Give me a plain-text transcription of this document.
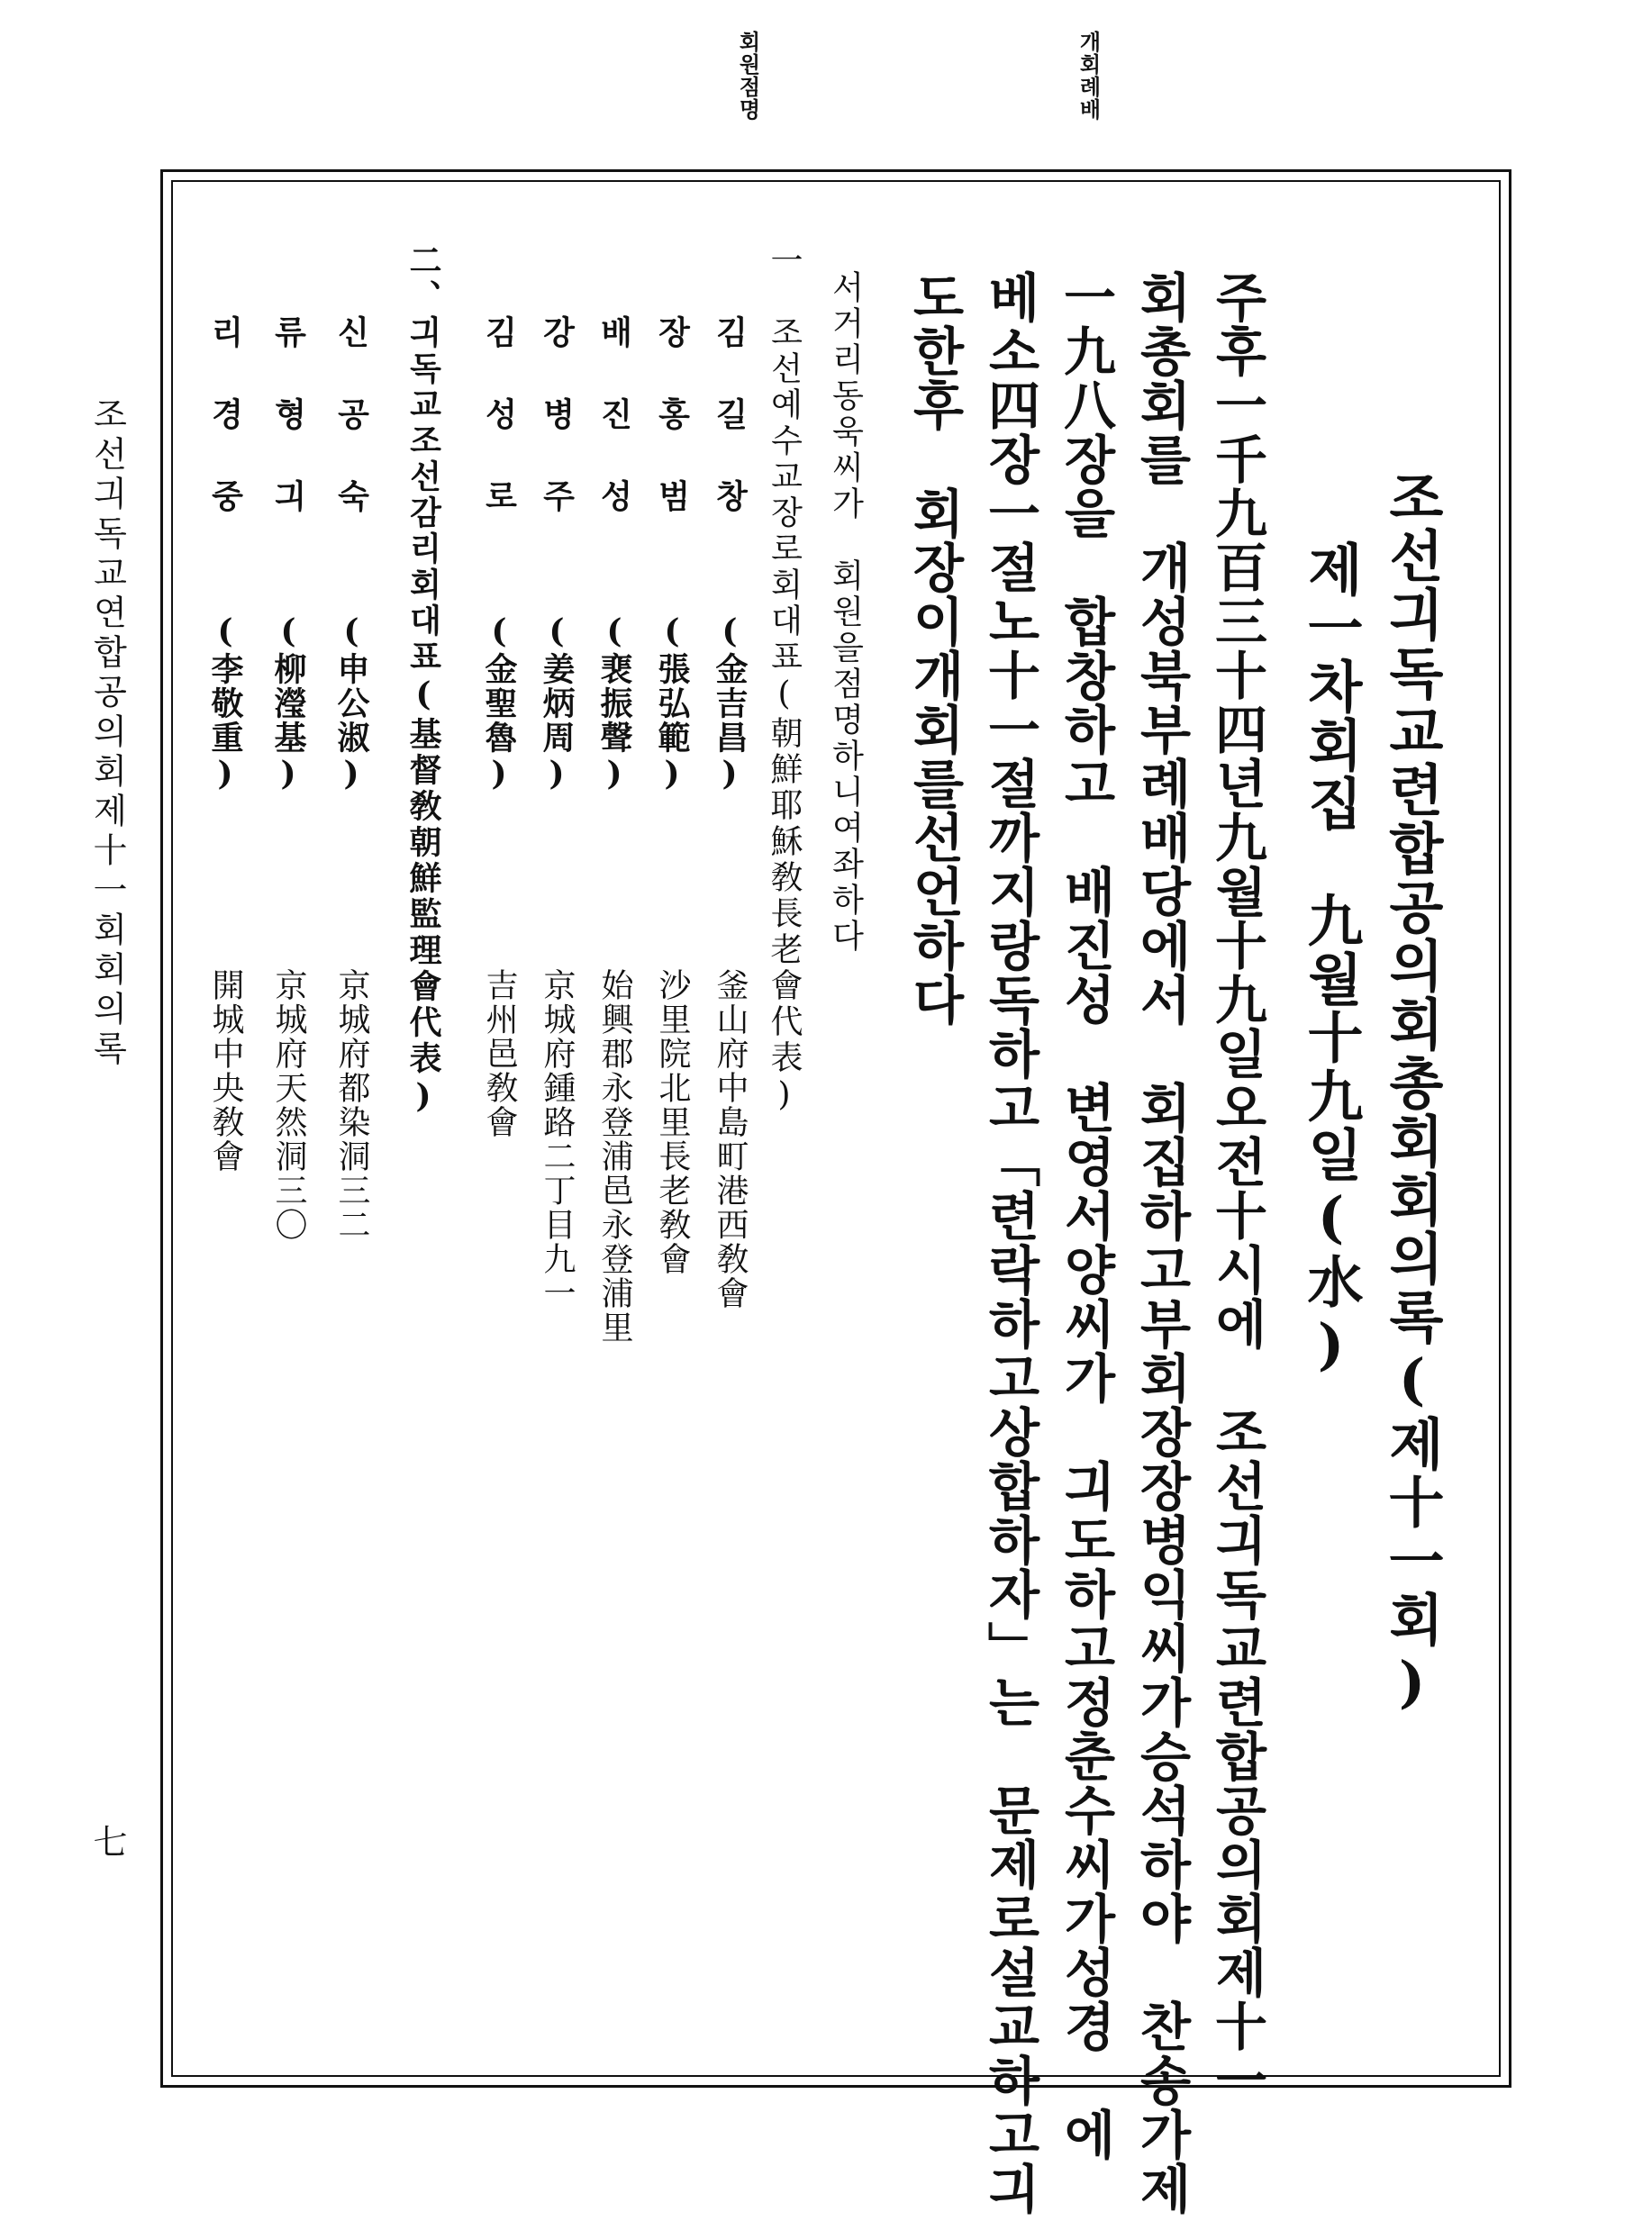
개회례배
회원점명
조선긔독교연합공의회제十一회회의록
七
조선긔독교련합공의회총회회의록(제十一회)
제一차회집　九월十九일(水)
주후一千九百三十四년九월十九일오전十시에　조선긔독교련합공의회제十一
회총회를　개성북부례배당에서　회집하고부회장장병익씨가승석하야　찬송가제
一九八장을　합창하고　배진성　변영서양씨가　긔도하고정춘수씨가성경　에
베소四장一절노十一절까지랑독하고「련락하고상합하자」는　문제로설교하고긔
도한후　회장이개회를선언하다
서거리동욱씨가　회원을점명하니여좌하다
一　조선예수교장로회대표(朝鮮耶穌敎長老會代表)
김길창
(金吉昌)
釜山府中島町港西敎會
장홍범
(張弘範)
沙里院北里長老敎會
배진성
(裵振聲)
始興郡永登浦邑永登浦里
강병주
(姜炳周)
京城府鍾路二丁目九一
김성로
(金聖魯)
吉州邑敎會
二、긔독교조선감리회대표(基督敎朝鮮監理會代表)
신공숙
(申公淑)
京城府都染洞三二
류형긔
(柳瀅基)
京城府天然洞三〇
리경중
(李敬重)
開城中央敎會
